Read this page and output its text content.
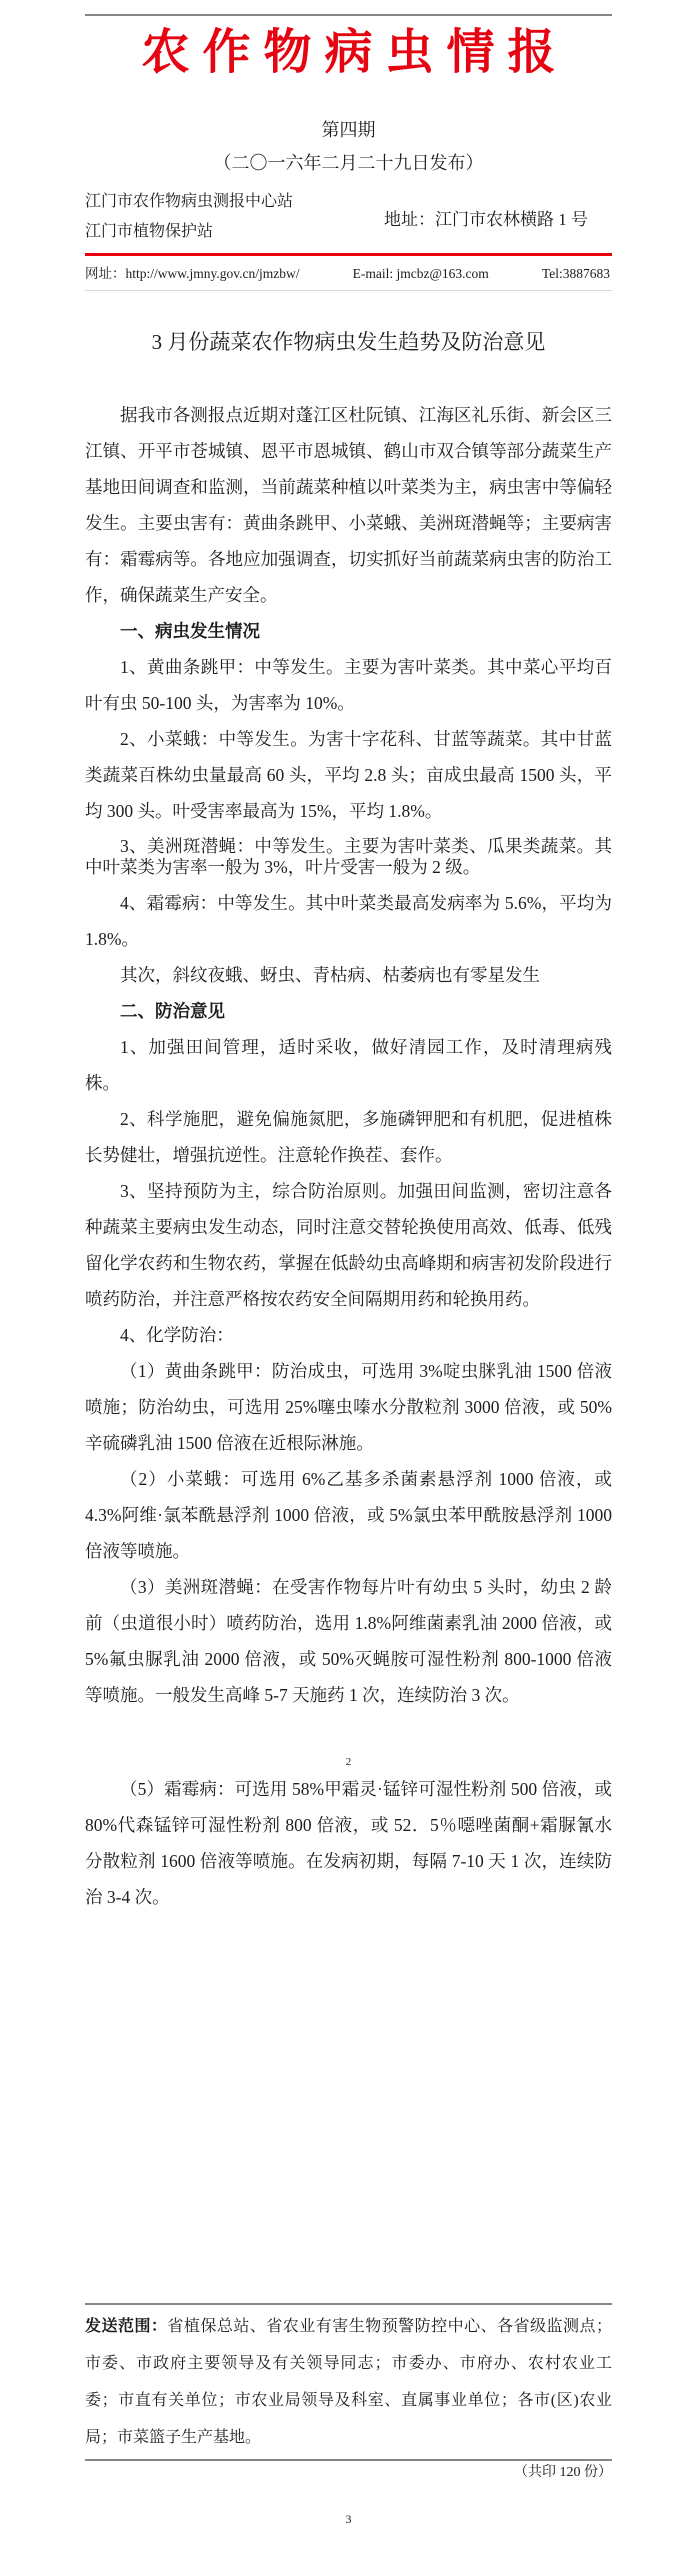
农作物病虫情报
第四期
（二〇一六年二月二十九日发布）
江门市农作物病虫测报中心站
江门市植物保护站
地址：江门市农林横路 1 号
网址：http://www.jmny.gov.cn/jmzbw/	E-mail: jmcbz@163.com	Tel:3887683
3 月份蔬菜农作物病虫发生趋势及防治意见

据我市各测报点近期对蓬江区杜阮镇、江海区礼乐街、新会区三江镇、开平市苍城镇、恩平市恩城镇、鹤山市双合镇等部分蔬菜生产基地田间调查和监测，当前蔬菜种植以叶菜类为主，病虫害中等偏轻发生。主要虫害有：黄曲条跳甲、小菜蛾、美洲斑潜蝇等；主要病害有：霜霉病等。各地应加强调查，切实抓好当前蔬菜病虫害的防治工作，确保蔬菜生产安全。

一、病虫发生情况

1、黄曲条跳甲：中等发生。主要为害叶菜类。其中菜心平均百叶有虫 50-100 头，为害率为 10%。

2、小菜蛾：中等发生。为害十字花科、甘蓝等蔬菜。其中甘蓝类蔬菜百株幼虫量最高 60 头，平均 2.8 头；亩成虫最高 1500 头，平均 300 头。叶受害率最高为 15%，平均 1.8%。

3、美洲斑潜蝇：中等发生。主要为害叶菜类、瓜果类蔬菜。其中叶菜类为害率一般为 3%，叶片受害一般为 2 级。

4、霜霉病：中等发生。其中叶菜类最高发病率为 5.6%，平均为 1.8%。

其次，斜纹夜蛾、蚜虫、青枯病、枯萎病也有零星发生

二、防治意见

1、加强田间管理，适时采收，做好清园工作，及时清理病残株。

2、科学施肥，避免偏施氮肥，多施磷钾肥和有机肥，促进植株长势健壮，增强抗逆性。注意轮作换茬、套作。

3、坚持预防为主，综合防治原则。加强田间监测，密切注意各种蔬菜主要病虫发生动态，同时注意交替轮换使用高效、低毒、低残留化学农药和生物农药，掌握在低龄幼虫高峰期和病害初发阶段进行喷药防治，并注意严格按农药安全间隔期用药和轮换用药。

4、化学防治：

（1）黄曲条跳甲：防治成虫，可选用 3%啶虫脒乳油 1500 倍液喷施；防治幼虫，可选用 25%噻虫嗪水分散粒剂 3000 倍液，或 50%辛硫磷乳油 1500 倍液在近根际淋施。

（2）小菜蛾：可选用 6%乙基多杀菌素悬浮剂 1000 倍液，或 4.3%阿维·氯苯酰悬浮剂 1000 倍液，或 5%氯虫苯甲酰胺悬浮剂 1000 倍液等喷施。

（3）美洲斑潜蝇：在受害作物每片叶有幼虫 5 头时，幼虫 2 龄前（虫道很小时）喷药防治，选用 1.8%阿维菌素乳油 2000 倍液，或 5%氟虫脲乳油 2000 倍液，或 50%灭蝇胺可湿性粉剂 800-1000 倍液等喷施。一般发生高峰 5-7 天施药 1 次，连续防治 3 次。

2

（5）霜霉病：可选用 58%甲霜灵·锰锌可湿性粉剂 500 倍液，或 80%代森锰锌可湿性粉剂 800 倍液，或 52．5％噁唑菌酮+霜脲氰水分散粒剂 1600 倍液等喷施。在发病初期，每隔 7-10 天 1 次，连续防治 3-4 次。

发送范围：省植保总站、省农业有害生物预警防控中心、各省级监测点；市委、市政府主要领导及有关领导同志；市委办、市府办、农村农业工委；市直有关单位；市农业局领导及科室、直属事业单位；各市(区)农业局；市菜篮子生产基地。

（共印 120 份）
3
